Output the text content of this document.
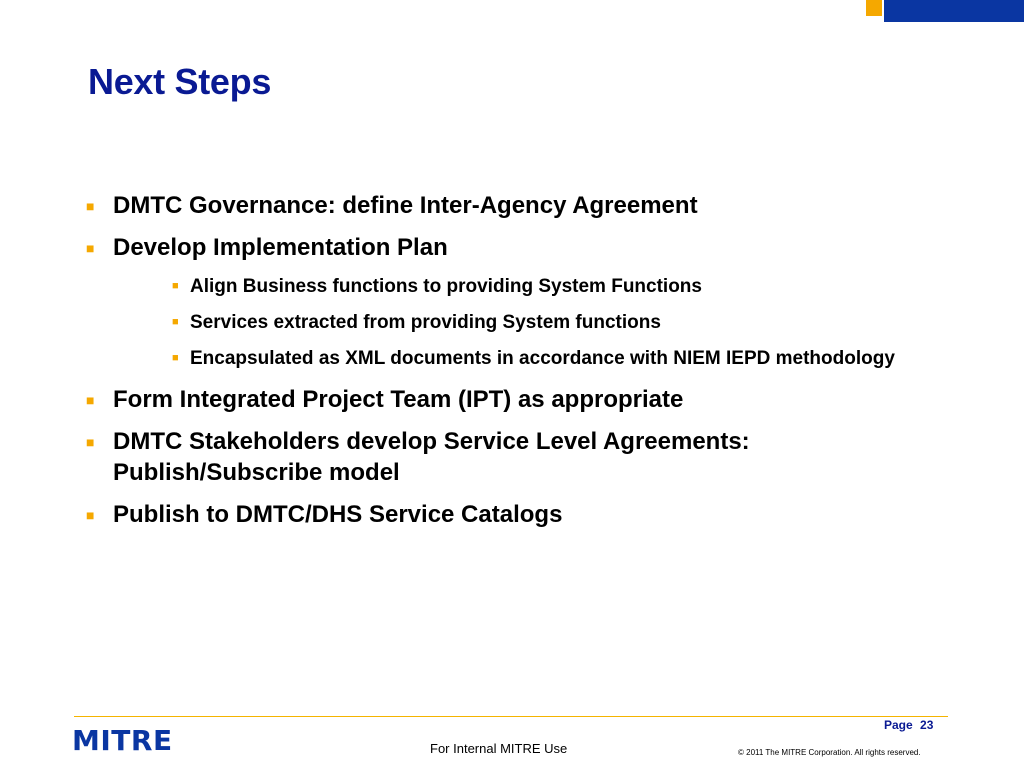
Next Steps
■ DMTC Governance: define Inter-Agency Agreement
■ Develop Implementation Plan
■ Align Business functions to providing System Functions
■ Services extracted from providing System functions
■ Encapsulated as XML documents in accordance with NIEM IEPD methodology
■ Form Integrated Project Team (IPT) as appropriate
■ DMTC Stakeholders develop Service Level Agreements: Publish/Subscribe model
■ Publish to DMTC/DHS Service Catalogs
Page 23
MITRE	For Internal MITRE Use	© 2011 The MITRE Corporation. All rights reserved.
